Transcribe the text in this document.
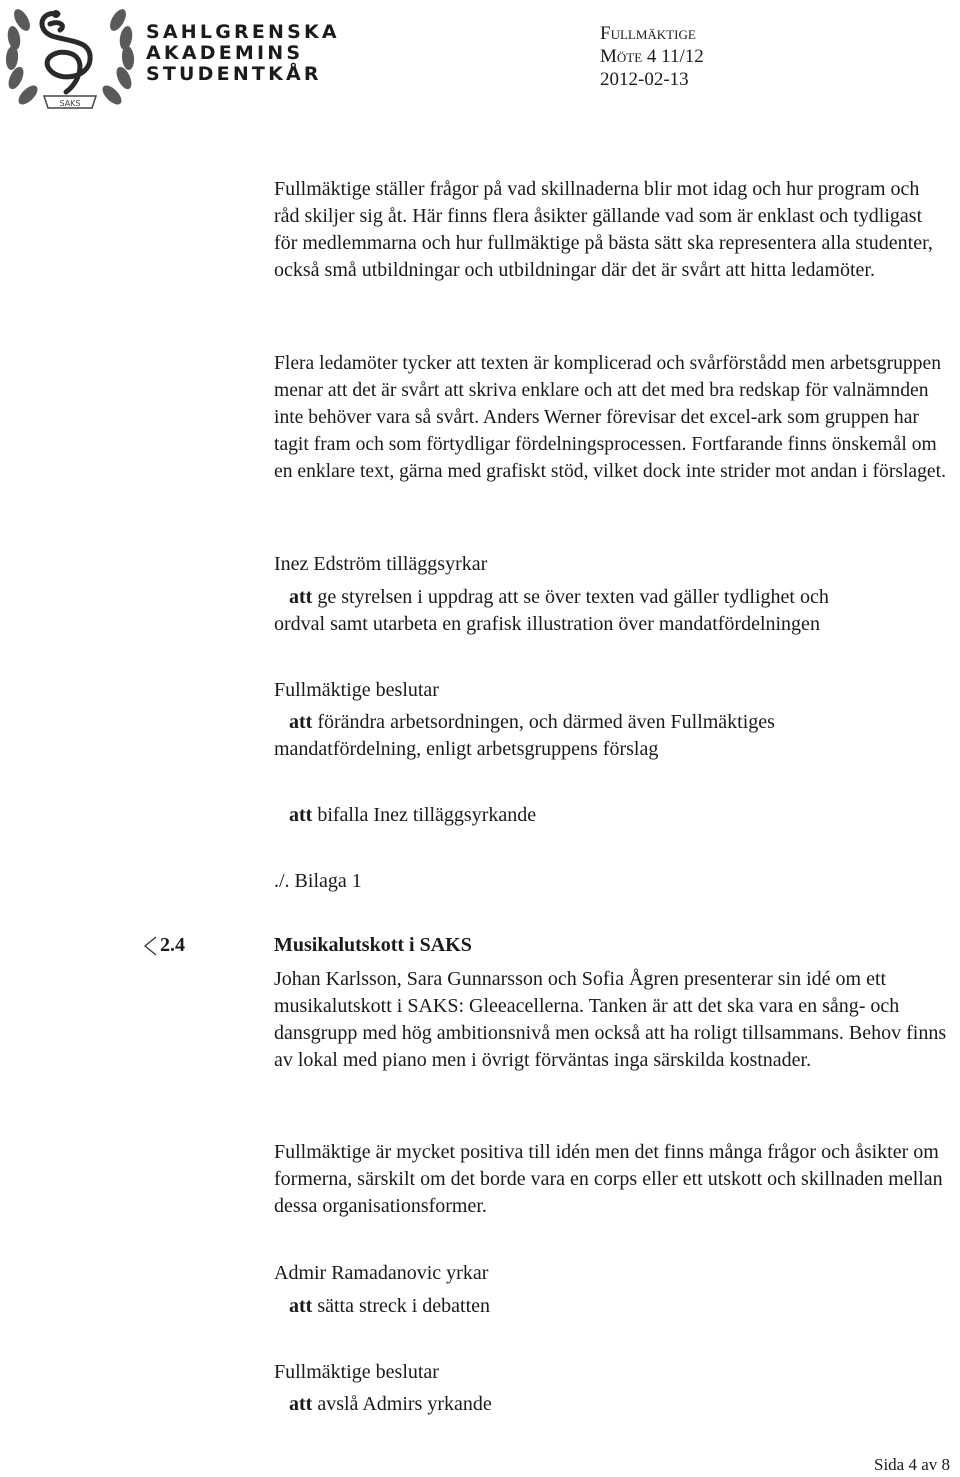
SAKS
SAHLGRENSKA
AKADEMINS
STUDENTKÅR
Fullmäktige
Möte 4 11/12
2012-02-13

Fullmäktige ställer frågor på vad skillnaderna blir mot idag och hur program och råd skiljer sig åt. Här finns flera åsikter gällande vad som är enklast och tydligast för medlemmarna och hur fullmäktige på bästa sätt ska representera alla studenter, också små utbildningar och utbildningar där det är svårt att hitta ledamöter.

Flera ledamöter tycker att texten är komplicerad och svårförstådd men arbetsgruppen menar att det är svårt att skriva enklare och att det med bra redskap för valnämnden inte behöver vara så svårt. Anders Werner förevisar det excel-ark som gruppen har tagit fram och som förtydligar fördelningsprocessen. Fortfarande finns önskemål om en enklare text, gärna med grafiskt stöd, vilket dock inte strider mot andan i förslaget.

Inez Edström tilläggsyrkar
att ge styrelsen i uppdrag att se över texten vad gäller tydlighet och
ordval samt utarbeta en grafisk illustration över mandatfördelningen
Fullmäktige beslutar
att förändra arbetsordningen, och därmed även Fullmäktiges
mandatfördelning, enligt arbetsgruppens förslag
att bifalla Inez tilläggsyrkande
./. Bilaga 1
2.4	Musikalutskott i SAKS

Johan Karlsson, Sara Gunnarsson och Sofia Ågren presenterar sin idé om ett musikalutskott i SAKS: Gleeacellerna. Tanken är att det ska vara en sång- och dansgrupp med hög ambitionsnivå men också att ha roligt tillsammans. Behov finns av lokal med piano men i övrigt förväntas inga särskilda kostnader.

Fullmäktige är mycket positiva till idén men det finns många frågor och åsikter om formerna, särskilt om det borde vara en corps eller ett utskott och skillnaden mellan dessa organisationsformer.

Admir Ramadanovic yrkar
att sätta streck i debatten
Fullmäktige beslutar
att avslå Admirs yrkande
Sida 4 av 8
